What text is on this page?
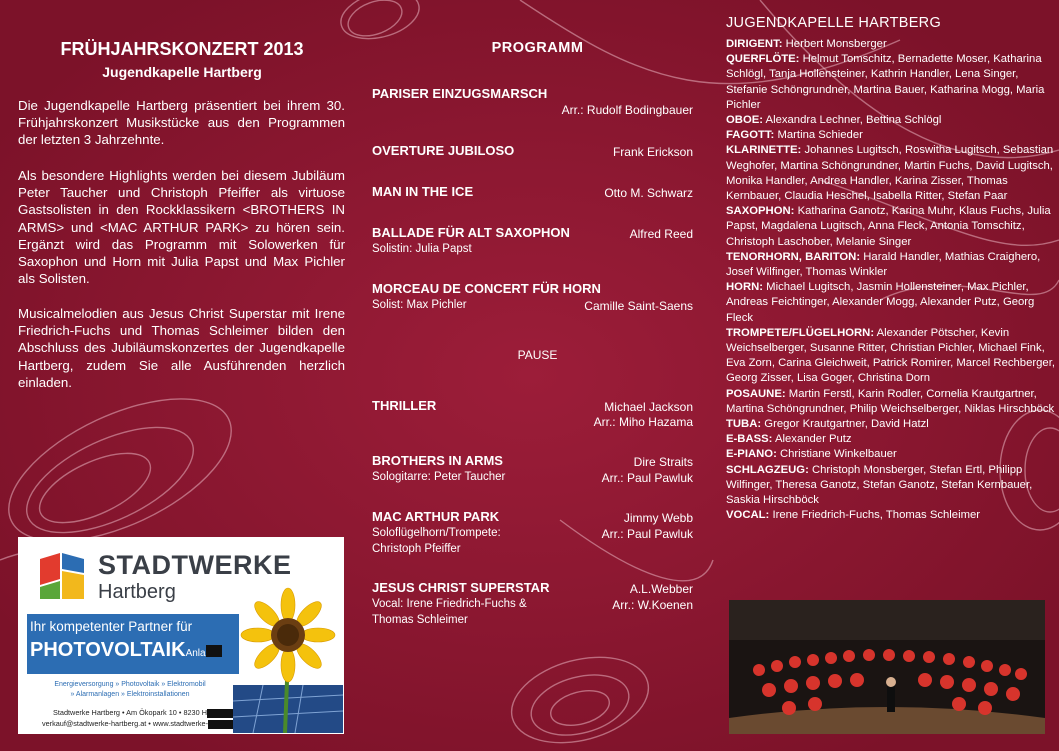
FRÜHJAHRSKONZERT 2013
Jugendkapelle Hartberg

Die Jugendkapelle Hartberg präsentiert bei ihrem 30. Frühjahrskonzert Musikstücke aus den Programmen der letzten 3 Jahrzehnte.

Als besondere Highlights werden bei diesem Jubiläum Peter Taucher und Christoph Pfeiffer als virtuose Gastsolisten in den Rockklassikern <BROTHERS IN ARMS> und <MAC ARTHUR PARK> zu hören sein. Ergänzt wird das Programm mit Solowerken für Saxophon und Horn mit Julia Papst und Max Pichler als Solisten.

Musicalmelodien aus Jesus Christ Superstar mit Irene Friedrich-Fuchs und Thomas Schleimer bilden den Abschluss des Jubiläumskonzertes der Jugendkapelle Hartberg, zudem Sie alle Ausführenden herzlich einladen.

STADTWERKE
Hartberg
Ihr kompetenter Partner für
PHOTOVOLTAIKAnla
Energieversorgung » Photovoltaik » Elektromobil
» Alarmanlagen » Elektroinstallationen
Stadtwerke Hartberg • Am Ökopark 10 • 8230 H
verkauf@stadtwerke-hartberg.at • www.stadtwerke-
PROGRAMM
PARISER EINZUGSMARSCH
Arr.: Rudolf Bodingbauer
OVERTURE JUBILOSO	Frank Erickson
MAN IN THE ICE	Otto M. Schwarz
BALLADE FÜR ALT SAXOPHON	Alfred Reed
Solistin: Julia Papst
MORCEAU DE CONCERT FÜR HORN
Solist: Max Pichler	Camille Saint-Saens
PAUSE
THRILLER	Michael Jackson
Arr.: Miho Hazama
BROTHERS IN ARMS	Dire Straits
Sologitarre: Peter Taucher	Arr.: Paul Pawluk
MAC ARTHUR PARK	Jimmy Webb
Soloflügelhorn/Trompete:	Arr.: Paul Pawluk
Christoph Pfeiffer
JESUS CHRIST SUPERSTAR	A.L.Webber
Vocal: Irene Friedrich-Fuchs &	Arr.: W.Koenen
Thomas Schleimer
JUGENDKAPELLE HARTBERG

DIRIGENT: Herbert Monsberger

QUERFLÖTE: Helmut Tomschitz, Bernadette Moser, Katharina Schlögl, Tanja Hollensteiner, Kathrin Handler, Lena Singer, Stefanie Schöngrundner, Martina Bauer, Katharina Mogg, Maria Pichler

OBOE: Alexandra Lechner, Bettina Schlögl

FAGOTT: Martina Schieder

KLARINETTE: Johannes Lugitsch, Roswitha Lugitsch, Sebastian Weghofer, Martina Schöngrundner, Martin Fuchs, David Lugitsch, Monika Handler, Andrea Handler, Karina Zisser, Thomas Kernbauer, Claudia Heschel, Isabella Ritter, Stefan Paar

SAXOPHON: Katharina Ganotz, Karina Muhr, Klaus Fuchs, Julia Papst, Magdalena Lugitsch, Anna Fleck, Antonia Tomschitz, Christoph Laschober, Melanie Singer

TENORHORN, BARITON: Harald Handler, Mathias Craighero, Josef Wilfinger, Thomas Winkler

HORN: Michael Lugitsch, Jasmin Hollensteiner, Max Pichler, Andreas Feichtinger, Alexander Mogg, Alexander Putz, Georg Fleck

TROMPETE/FLÜGELHORN: Alexander Pötscher, Kevin Weichselberger, Susanne Ritter, Christian Pichler, Michael Fink, Eva Zorn, Carina Gleichweit, Patrick Romirer, Marcel Rechberger, Georg Zisser, Lisa Goger, Christina Dorn

POSAUNE: Martin Ferstl, Karin Rodler, Cornelia Krautgartner, Martina Schöngrundner, Philip Weichselberger, Niklas Hirschböck

TUBA: Gregor Krautgartner, David Hatzl

E-BASS: Alexander Putz

E-PIANO: Christiane Winkelbauer

SCHLAGZEUG: Christoph Monsberger, Stefan Ertl, Philipp Wilfinger, Theresa Ganotz, Stefan Ganotz, Stefan Kernbauer, Saskia Hirschböck

VOCAL: Irene Friedrich-Fuchs, Thomas Schleimer
